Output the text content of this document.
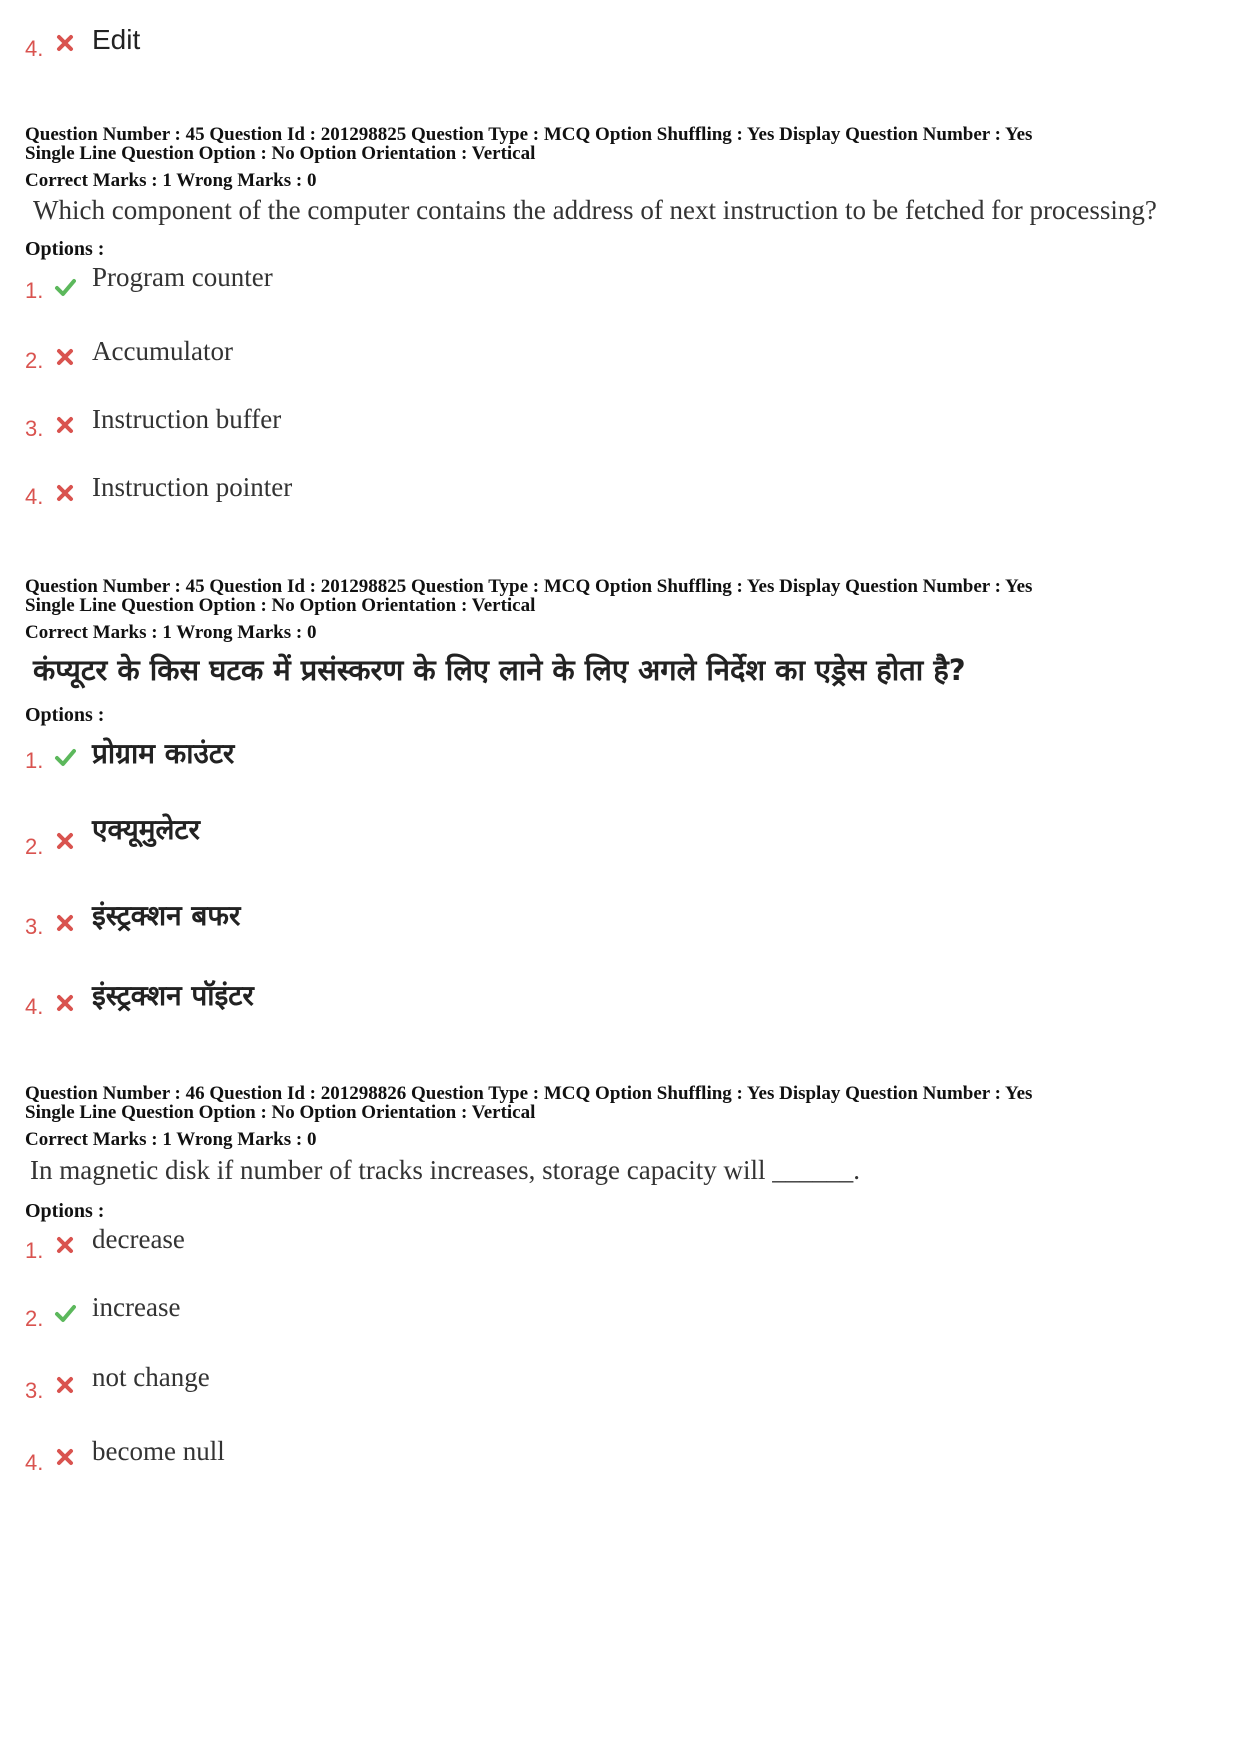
4. Edit
Question Number : 45 Question Id : 201298825 Question Type : MCQ Option Shuffling : Yes Display Question Number : Yes
Single Line Question Option : No Option Orientation : Vertical
Correct Marks : 1 Wrong Marks : 0
Which component of the computer contains the address of next instruction to be fetched for processing?
Options :
1. Program counter
2. Accumulator
3. Instruction buffer
4. Instruction pointer
Question Number : 45 Question Id : 201298825 Question Type : MCQ Option Shuffling : Yes Display Question Number : Yes
Single Line Question Option : No Option Orientation : Vertical
Correct Marks : 1 Wrong Marks : 0
कंप्यूटर के किस घटक में प्रसंस्करण के लिए लाने के लिए अगले निर्देश का एड्रेस होता है?
Options :
1. प्रोग्राम काउंटर
2.
एक्यूमुलेटर
3. इंस्ट्रक्शन बफर
4. इंस्ट्रक्शन पॉइंटर
Question Number : 46 Question Id : 201298826 Question Type : MCQ Option Shuffling : Yes Display Question Number : Yes
Single Line Question Option : No Option Orientation : Vertical
Correct Marks : 1 Wrong Marks : 0
In magnetic disk if number of tracks increases, storage capacity will ______.
Options :
1. decrease
2. increase
3. not change
4. become null
